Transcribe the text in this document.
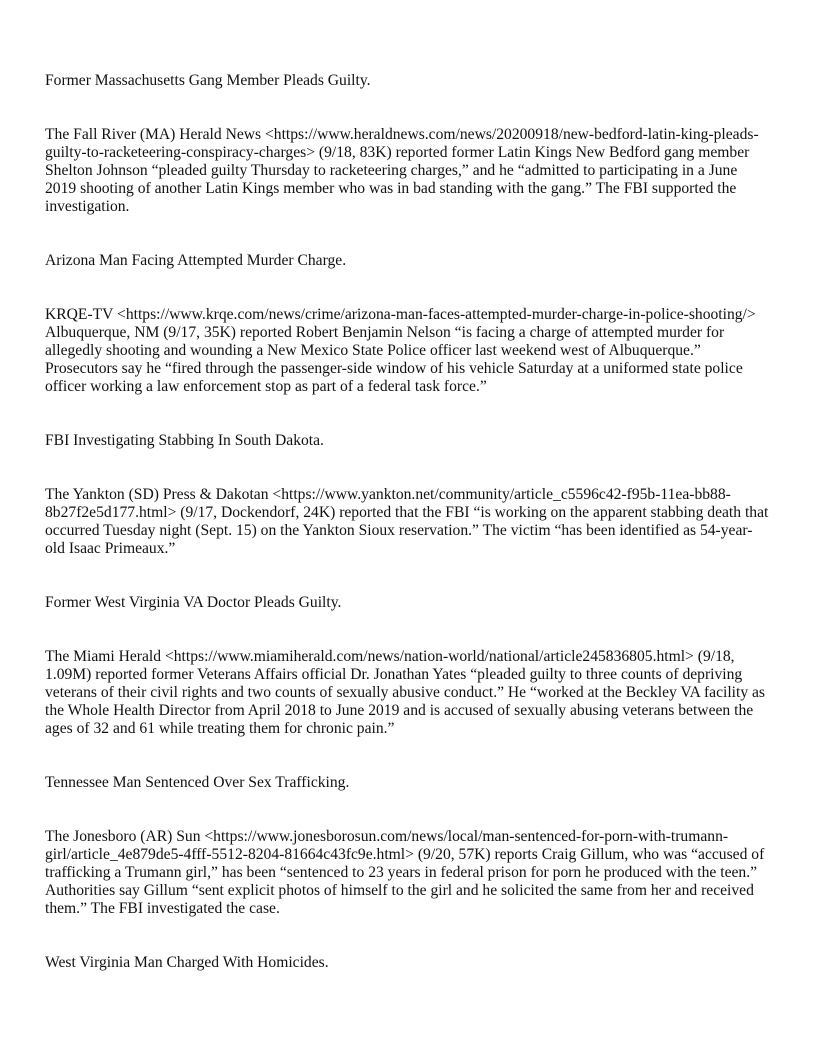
Former Massachusetts Gang Member Pleads Guilty.

The Fall River (MA) Herald News <https://www.heraldnews.com/news/20200918/new-bedford-latin-king-pleads-guilty-to-racketeering-conspiracy-charges> (9/18, 83K) reported former Latin Kings New Bedford gang member Shelton Johnson “pleaded guilty Thursday to racketeering charges,” and he “admitted to participating in a June 2019 shooting of another Latin Kings member who was in bad standing with the gang.” The FBI supported the investigation.

Arizona Man Facing Attempted Murder Charge.

KRQE-TV <https://www.krqe.com/news/crime/arizona-man-faces-attempted-murder-charge-in-police-shooting/> Albuquerque, NM (9/17, 35K) reported Robert Benjamin Nelson “is facing a charge of attempted murder for allegedly shooting and wounding a New Mexico State Police officer last weekend west of Albuquerque.” Prosecutors say he “fired through the passenger-side window of his vehicle Saturday at a uniformed state police officer working a law enforcement stop as part of a federal task force.”

FBI Investigating Stabbing In South Dakota.

The Yankton (SD) Press & Dakotan <https://www.yankton.net/community/article_c5596c42-f95b-11ea-bb88-8b27f2e5d177.html> (9/17, Dockendorf, 24K) reported that the FBI “is working on the apparent stabbing death that occurred Tuesday night (Sept. 15) on the Yankton Sioux reservation.” The victim “has been identified as 54-year-old Isaac Primeaux.”

Former West Virginia VA Doctor Pleads Guilty.

The Miami Herald <https://www.miamiherald.com/news/nation-world/national/article245836805.html> (9/18, 1.09M) reported former Veterans Affairs official Dr. Jonathan Yates “pleaded guilty to three counts of depriving veterans of their civil rights and two counts of sexually abusive conduct.” He “worked at the Beckley VA facility as the Whole Health Director from April 2018 to June 2019 and is accused of sexually abusing veterans between the ages of 32 and 61 while treating them for chronic pain.”

Tennessee Man Sentenced Over Sex Trafficking.

The Jonesboro (AR) Sun <https://www.jonesborosun.com/news/local/man-sentenced-for-porn-with-trumann-girl/article_4e879de5-4fff-5512-8204-81664c43fc9e.html> (9/20, 57K) reports Craig Gillum, who was “accused of trafficking a Trumann girl,” has been “sentenced to 23 years in federal prison for porn he produced with the teen.” Authorities say Gillum “sent explicit photos of himself to the girl and he solicited the same from her and received them.” The FBI investigated the case.

West Virginia Man Charged With Homicides.
